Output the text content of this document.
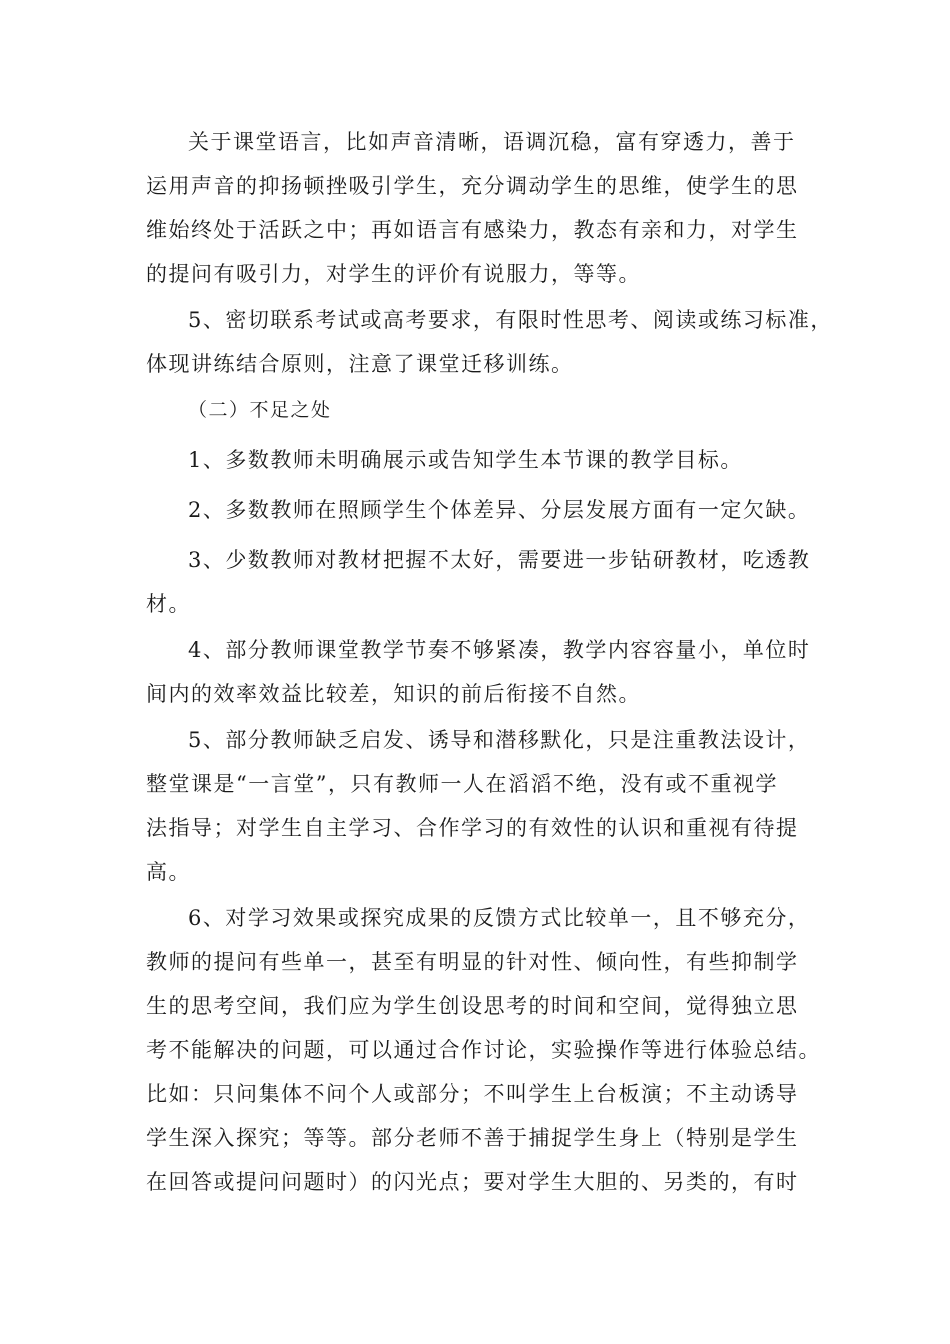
关于课堂语言，比如声音清晰，语调沉稳，富有穿透力，善于
运用声音的抑扬顿挫吸引学生，充分调动学生的思维，使学生的思
维始终处于活跃之中；再如语言有感染力，教态有亲和力，对学生
的提问有吸引力，对学生的评价有说服力，等等。

5、密切联系考试或高考要求，有限时性思考、阅读或练习标准，
体现讲练结合原则，注意了课堂迁移训练。

（二）不足之处

1、多数教师未明确展示或告知学生本节课的教学目标。

2、多数教师在照顾学生个体差异、分层发展方面有一定欠缺。

3、少数教师对教材把握不太好，需要进一步钻研教材，吃透教
材。

4、部分教师课堂教学节奏不够紧凑，教学内容容量小，单位时
间内的效率效益比较差，知识的前后衔接不自然。

5、部分教师缺乏启发、诱导和潜移默化，只是注重教法设计，
整堂课是“一言堂”，只有教师一人在滔滔不绝，没有或不重视学
法指导；对学生自主学习、合作学习的有效性的认识和重视有待提
高。

6、对学习效果或探究成果的反馈方式比较单一，且不够充分，
教师的提问有些单一，甚至有明显的针对性、倾向性，有些抑制学
生的思考空间，我们应为学生创设思考的时间和空间，觉得独立思
考不能解决的问题，可以通过合作讨论，实验操作等进行体验总结。
比如：只问集体不问个人或部分；不叫学生上台板演；不主动诱导
学生深入探究；等等。部分老师不善于捕捉学生身上（特别是学生
在回答或提问问题时）的闪光点；要对学生大胆的、另类的，有时
